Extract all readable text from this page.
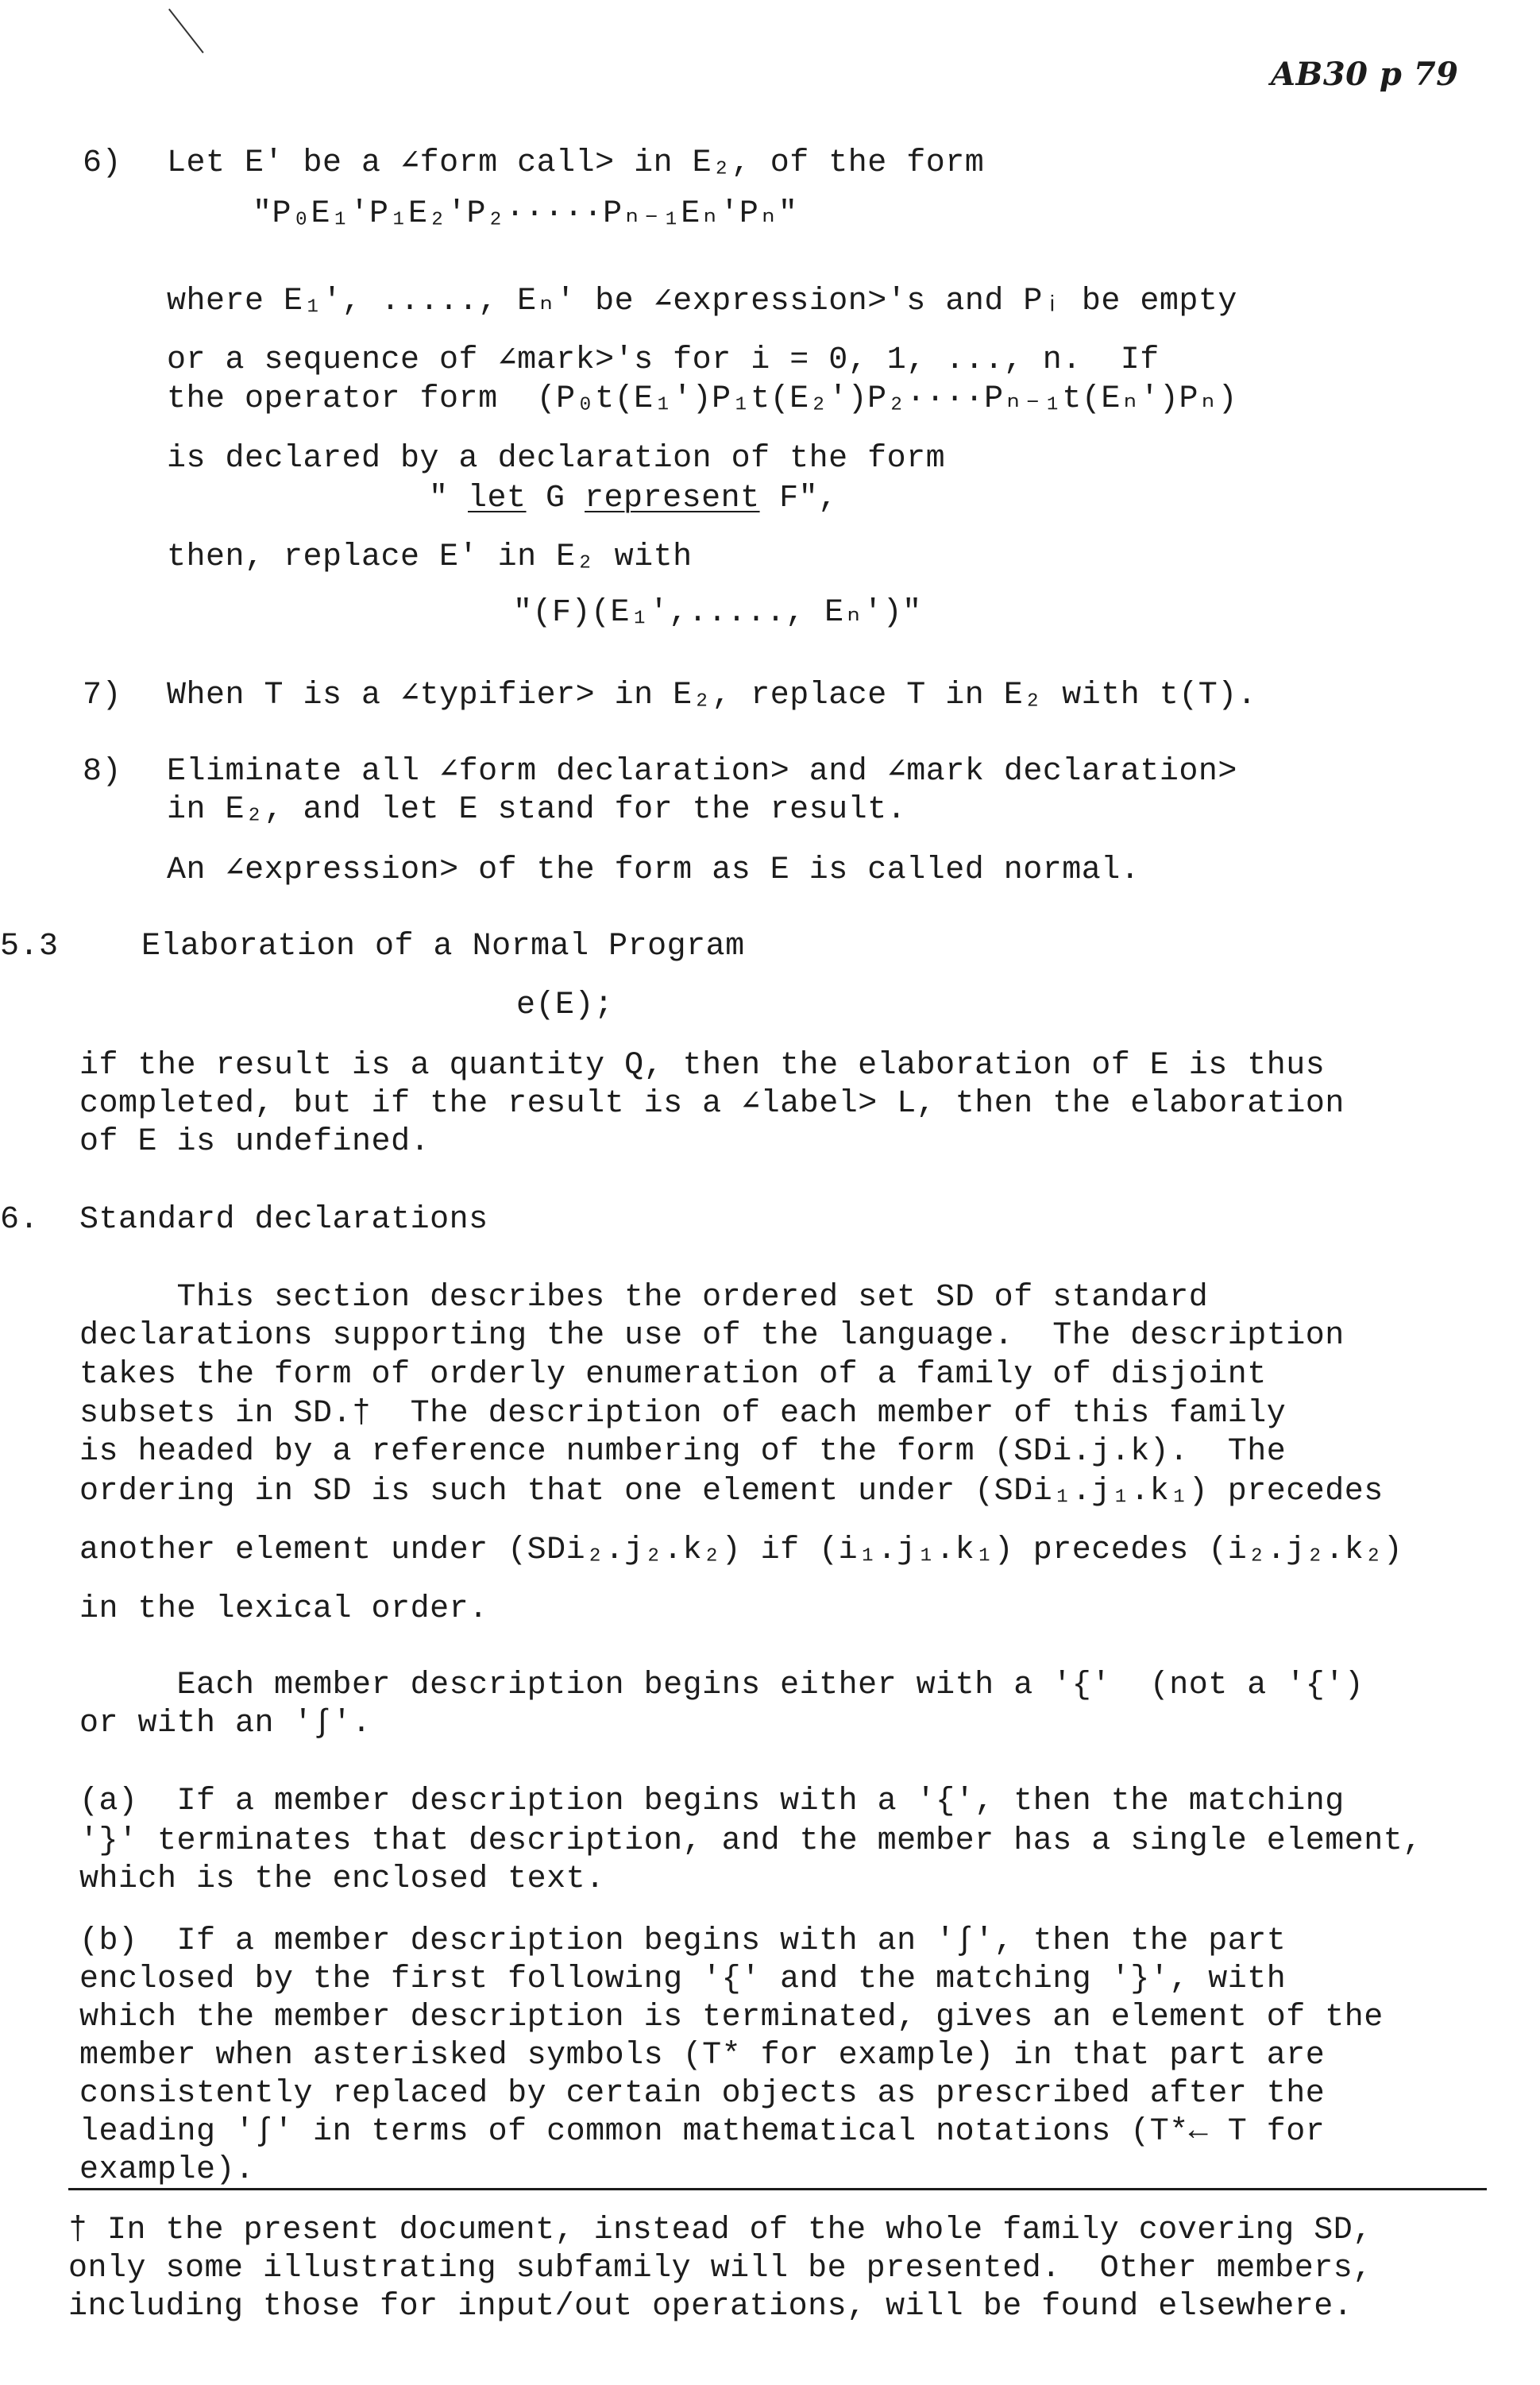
AB30 p 79
6) Let E' be a ∠form call> in E₂, of the form
"P₀E₁'P₁E₂'P₂·····Pₙ₋₁Eₙ'Pₙ"
where E₁', ....., Eₙ' be ∠expression>'s and Pᵢ be empty
or a sequence of ∠mark>'s for i = 0, 1, ..., n.  If
the operator form  (P₀t(E₁')P₁t(E₂')P₂····Pₙ₋₁t(Eₙ')Pₙ)
is declared by a declaration of the form
" let G represent F",
then, replace E' in E₂ with
"(F)(E₁',....., Eₙ')"
7) When T is a ∠typifier> in E₂, replace T in E₂ with t(T).
8) Eliminate all ∠form declaration> and ∠mark declaration>
in E₂, and let E stand for the result.
An ∠expression> of the form as E is called normal.
5.3	Elaboration of a Normal Program
e(E);
if the result is a quantity Q, then the elaboration of E is thus
completed, but if the result is a ∠label> L, then the elaboration
of E is undefined.
6. Standard declarations
This section describes the ordered set SD of standard
declarations supporting the use of the language.  The description
takes the form of orderly enumeration of a family of disjoint
subsets in SD.†  The description of each member of this family
is headed by a reference numbering of the form (SDi.j.k).  The
ordering in SD is such that one element under (SDi₁.j₁.k₁) precedes
another element under (SDi₂.j₂.k₂) if (i₁.j₁.k₁) precedes (i₂.j₂.k₂)
in the lexical order.
Each member description begins either with a '{'  (not a '{')
or with an '∫'.
(a)  If a member description begins with a '{', then the matching
'}' terminates that description, and the member has a single element,
which is the enclosed text.
(b)  If a member description begins with an '∫', then the part
enclosed by the first following '{' and the matching '}', with
which the member description is terminated, gives an element of the
member when asterisked symbols (T* for example) in that part are
consistently replaced by certain objects as prescribed after the
leading '∫' in terms of common mathematical notations (T*← T for
example).
† In the present document, instead of the whole family covering SD,
only some illustrating subfamily will be presented.  Other members,
including those for input/out operations, will be found elsewhere.
